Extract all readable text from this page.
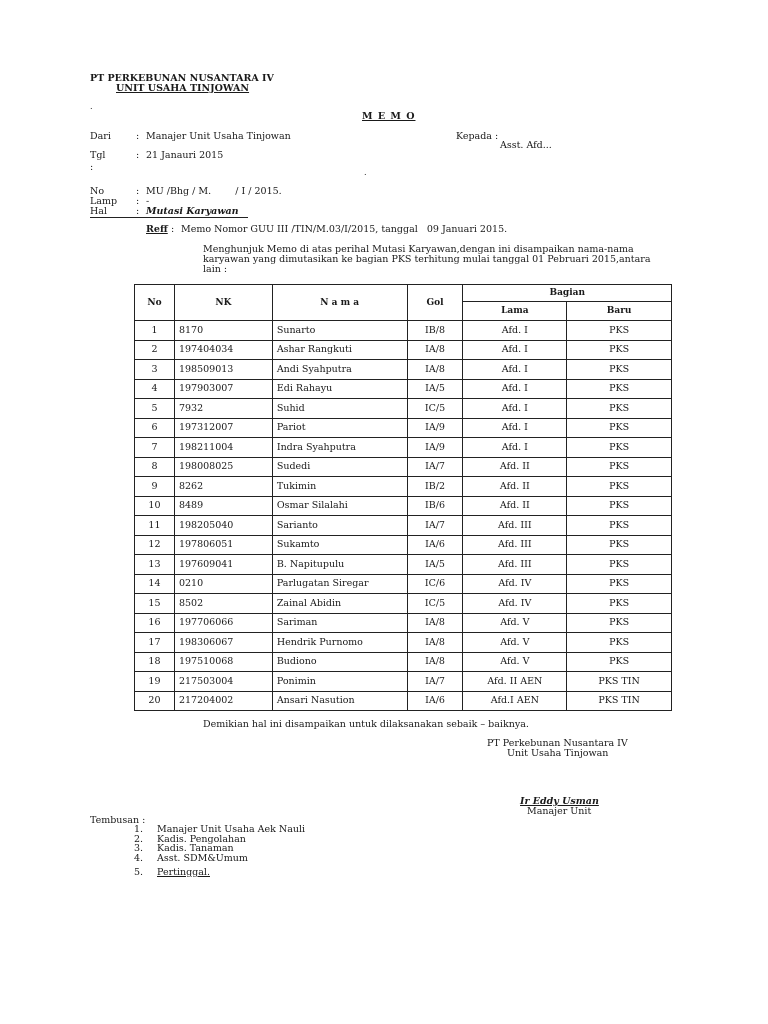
PT PERKEBUNAN NUSANTARA IV
UNIT USAHA TINJOWAN
.
M E M O
Dari	: Manajer Unit Usaha Tinjowan	Kepada :
Asst. Afd...
Tgl	: 21 Janauri 2015
:	.
No	: MU /Bhg / M.        / I / 2015.
Lamp : -
Hal	: Mutasi Karyawan
Reff : Memo Nomor GUU III /TIN/M.03/I/2015, tanggal   09 Januari 2015.
Menghunjuk Memo di atas perihal Mutasi Karyawan,dengan ini disampaikan nama-nama
karyawan yang dimutasikan ke bagian PKS terhitung mulai tanggal 01 Pebruari 2015,antara
lain :
No	NK	N a m a	Gol	Bagian	
				Lama	Baru
1	8170	Sunarto	IB/8	Afd. I	PKS
2	197404034	Ashar Rangkuti	IA/8	Afd. I	PKS
3	198509013	Andi Syahputra	IA/8	Afd. I	PKS
4	197903007	Edi Rahayu	IA/5	Afd. I	PKS
5	7932	Suhid	IC/5	Afd. I	PKS
6	197312007	Pariot	IA/9	Afd. I	PKS
7	198211004	Indra Syahputra	IA/9	Afd. I	PKS
8	198008025	Sudedi	IA/7	Afd. II	PKS
9	8262	Tukimin	IB/2	Afd. II	PKS
10	8489	Osmar Silalahi	IB/6	Afd. II	PKS
11	198205040	Sarianto	IA/7	Afd. III	PKS
12	197806051	Sukamto	IA/6	Afd. III	PKS
13	197609041	B. Napitupulu	IA/5	Afd. III	PKS
14	0210	Parlugatan Siregar	IC/6	Afd. IV	PKS
15	8502	Zainal Abidin	IC/5	Afd. IV	PKS
16	197706066	Sariman	IA/8	Afd. V	PKS
17	198306067	Hendrik Purnomo	IA/8	Afd. V	PKS
18	197510068	Budiono	IA/8	Afd. V	PKS
19	217503004	Ponimin	IA/7	Afd. II AEN	PKS TIN
20	217204002	Ansari Nasution	IA/6	Afd.I AEN	PKS TIN
Demikian hal ini disampaikan untuk dilaksanakan sebaik – baiknya.
PT Perkebunan Nusantara IV
Unit Usaha Tinjowan
Ir Eddy Usman
Manajer Unit
Tembusan :
1. Manajer Unit Usaha Aek Nauli
2. Kadis. Pengolahan
3. Kadis. Tanaman
4. Asst. SDM&Umum
5. Pertinggal.
